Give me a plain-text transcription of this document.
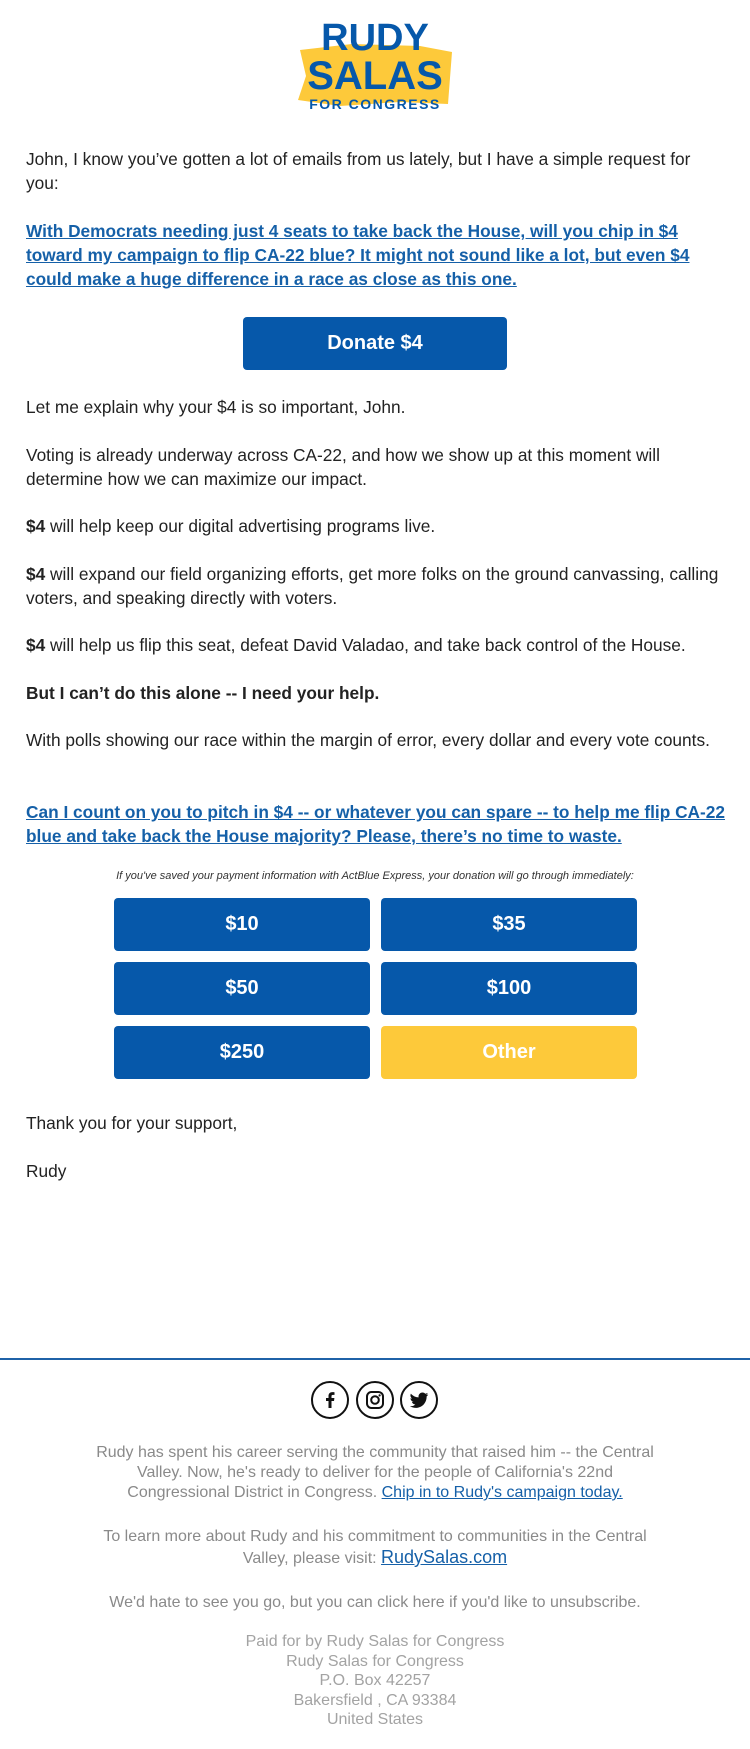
RUDY
SALAS
FOR CONGRESS

John, I know you’ve gotten a lot of emails from us lately, but I have a simple request for you:

With Democrats needing just 4 seats to take back the House, will you chip in $4 toward my campaign to flip CA-22 blue? It might not sound like a lot, but even $4 could make a huge difference in a race as close as this one.

Donate $4

Let me explain why your $4 is so important, John.

Voting is already underway across CA-22, and how we show up at this moment will determine how we can maximize our impact.

$4 will help keep our digital advertising programs live.

$4 will expand our field organizing efforts, get more folks on the ground canvassing, calling voters, and speaking directly with voters.

$4 will help us flip this seat, defeat David Valadao, and take back control of the House.

But I can’t do this alone -- I need your help.

With polls showing our race within the margin of error, every dollar and every vote counts.

Can I count on you to pitch in $4 -- or whatever you can spare -- to help me flip CA-22 blue and take back the House majority? Please, there’s no time to waste.

If you've saved your payment information with ActBlue Express, your donation will go through immediately:
$10	$35
$50	$100
$250	Other

Thank you for your support,

Rudy

Rudy has spent his career serving the community that raised him -- the Central Valley. Now, he's ready to deliver for the people of California's 22nd Congressional District in Congress. Chip in to Rudy's campaign today.

To learn more about Rudy and his commitment to communities in the Central Valley, please visit: RudySalas.com

We'd hate to see you go, but you can click here if you'd like to unsubscribe.

Paid for by Rudy Salas for Congress
Rudy Salas for Congress
P.O. Box 42257
Bakersfield , CA 93384
United States
